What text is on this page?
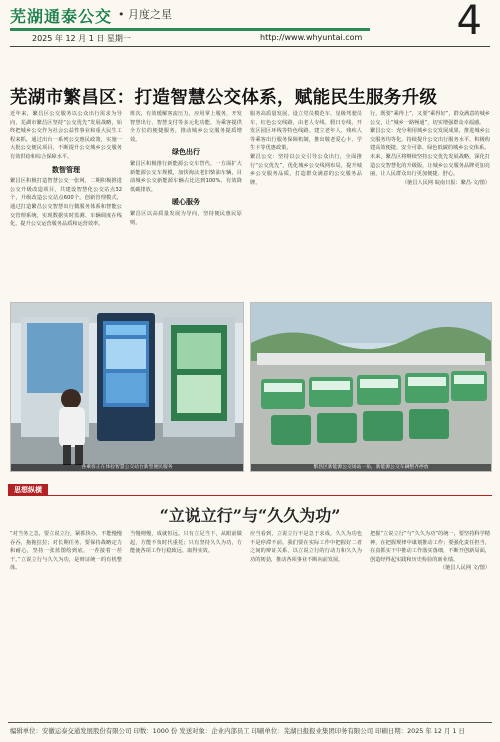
芜湖通泰公交 • 月度之星	4
2025 年 12 月 1 日 星期一	http://www.whyuntai.com
芜湖市繁昌区：打造智慧公交体系，赋能民生服务升级
近年来，繁昌区公交服务以公众出行需求为导向，芜湖市繁昌区坚持“公交优先”发展战略，始终把城乡公交作为社会公益性事业和重大民生工程来抓，通过出台一系列公交惠民政策，实施一大批公交便民项目，不断提升公交城乡公交服务有效供给和综合保障水平。
数智管理
繁昌区积极打造智慧公交一张网，二期积极推进公交升级改造项目，共建设智慧化公交站点32个，升级改造公交站点600个。创新管理模式，通过打造繁昌公交智慧出行微服务体系和智能公交管理系统，实现数据实时监测、车辆调度在线化，提升公交运营服务品质和运营效率。
班次，有效缓解客流压力，应用掌上服务，开发智慧出行、智慧支付等多元化功能，为乘客提供全方位的便捷服务，推动城乡公交服务提质增效。
绿色出行
繁昌区积极推行新能源公交车替代，一方面扩大新能源公交车规模，加快淘汰老旧柴油车辆，目前城乡公交新能源车辆占比达到100%，有效降低碳排放。
暖心服务
繁昌区以高质量发展为导向，坚持便民惠民原则，
服务高质量发展，设立党员模范车，星级驾驶员车，红色公交线路，由老人专线、假日专线、开发区园区环线等特色线路。建立老年人、残疾人等乘客出行服务保障机制，推出敬老爱心卡、学生卡等优惠政策。
繁昌公交：坚持以公交引导公众出行，全面推行“公交优先”，优化城乡公交线网布局，提升城乡公交服务品质，打造群众满意的公交服务品牌。
行，既要“乘得上”，又要“乘得好”，群众满意的城乡公交，让“城乡一路畅通”，切实增强群众幸福感。
繁昌公交：充分利用城乡公交发展成果，推进城乡公交服务均等化，持续提升公交出行服务水平，积极构建高效便捷、安全可靠、绿色低碳的城乡公交体系。
未来，繁昌区将继续坚持公交优先发展战略，深化打造公交智慧化的升级版，让城乡公交服务品牌更加亮丽，让人民群众出行更加便捷、舒心。
（驰昌人民网 皖南日报：繁昌·文/图）
各乘客正在体验智慧公交站台新型便民服务	繁昌区新能源公交场站一角，新能源公交车辆整齐停放
思想纵横
“立说立行”与“久久为功”
“对当务之急，要立说立行，紧抓快办，不能慢慢吞吞，拖拖拉拉；对长期任务，要保持战略定力和耐心，坚持一张蓝图绘到底，一茬接着一茬干。”立说立行与久久为功，是辩证统一的有机整体。
当慢则慢，成就恒远。只有立足当下，从眼前做起，方能不负时代重托；只有坚持久久为功，方能使各项工作行稳致远、取得实效。
应当看到，立说立行不是急于求成，久久为功也不是停滞不前。我们要在实际工作中把握好二者之间的辩证关系，以立说立行的行动力和久久为功的韧劲，推动各项事业不断向前发展。
把握“立说立行”与“久久为功”的统一，要坚持科学精神，在把握规律中谋划推动工作；要强化责任担当，在真抓实干中推动工作落实落细，不断开创新局面，创造经得起实践和历史检验的新业绩。
（驰昌人民网 文/图）
编辑单位：安徽运泰交通发展股份有限公司 印数：1000 份 发送对象：企业内部员工 印刷单位：芜湖日报报业集团印务有限公司 印刷日期：2025 年 12 月 1 日
